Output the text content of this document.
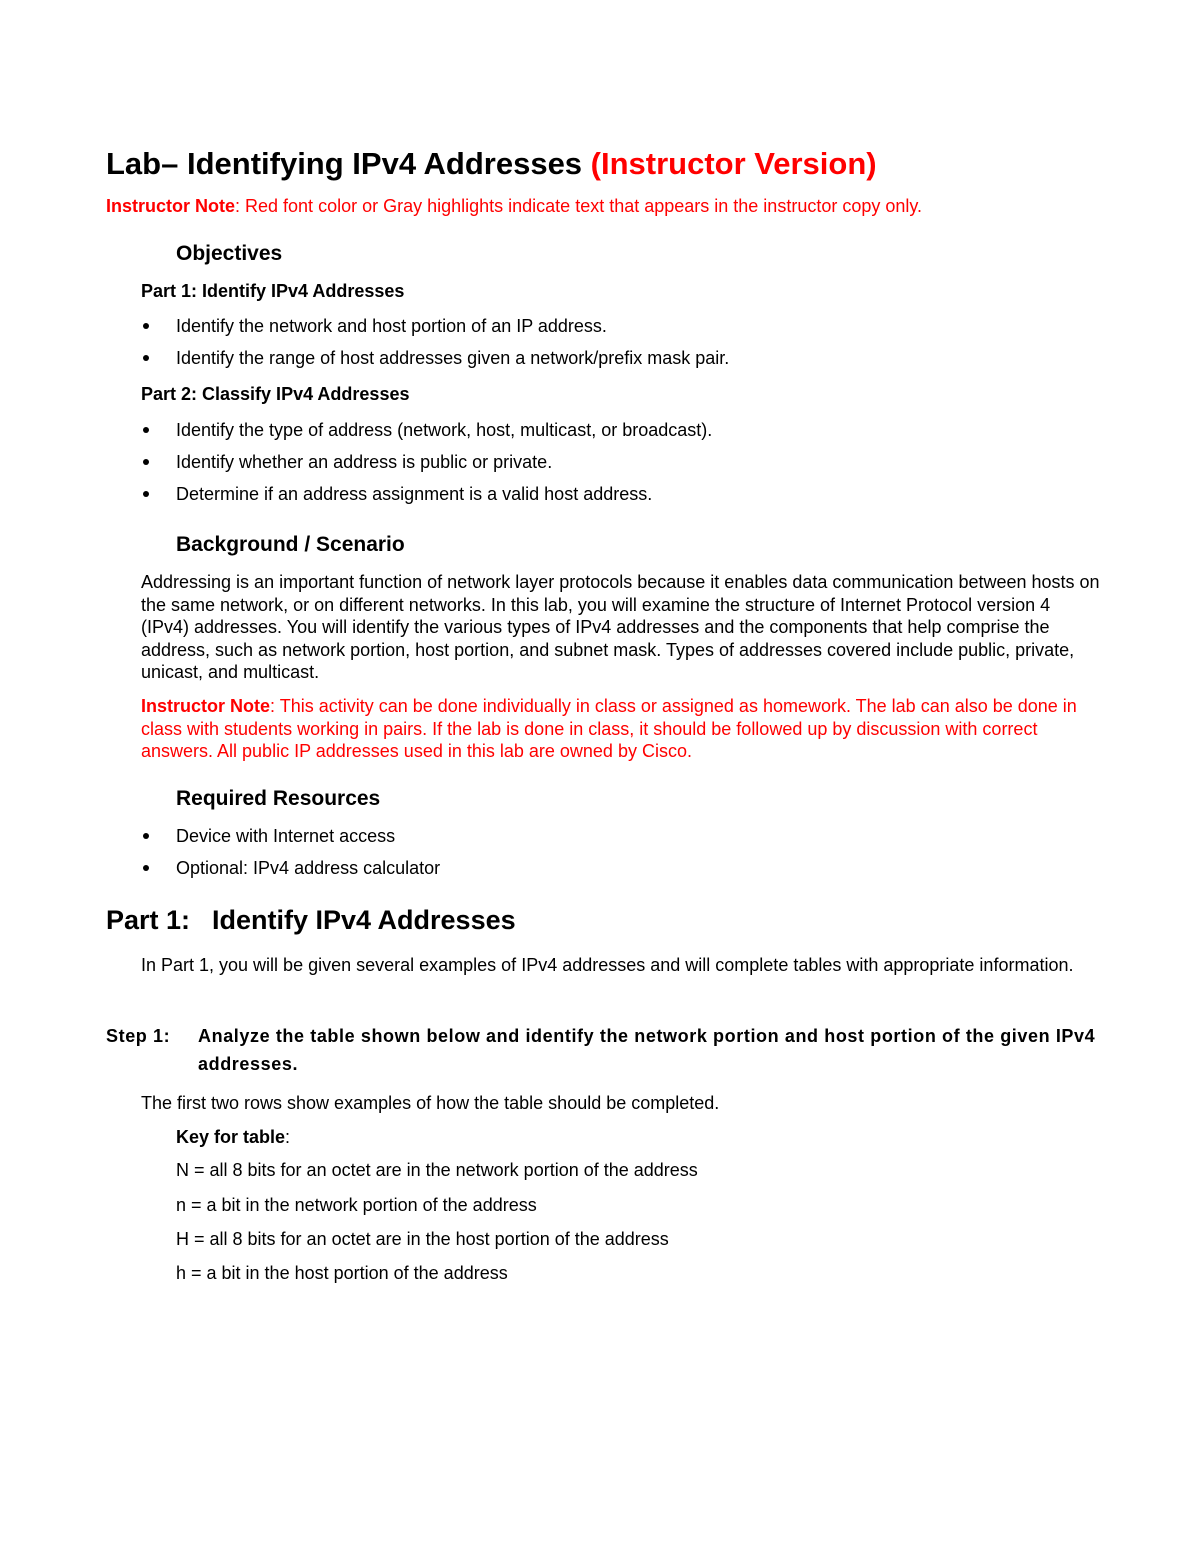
Lab– Identifying IPv4 Addresses (Instructor Version)
Instructor Note: Red font color or Gray highlights indicate text that appears in the instructor copy only.
Objectives
Part 1: Identify IPv4 Addresses
Identify the network and host portion of an IP address.
Identify the range of host addresses given a network/prefix mask pair.
Part 2: Classify IPv4 Addresses
Identify the type of address (network, host, multicast, or broadcast).
Identify whether an address is public or private.
Determine if an address assignment is a valid host address.
Background / Scenario

Addressing is an important function of network layer protocols because it enables data communication between hosts on the same network, or on different networks. In this lab, you will examine the structure of Internet Protocol version 4 (IPv4) addresses. You will identify the various types of IPv4 addresses and the components that help comprise the address, such as network portion, host portion, and subnet mask. Types of addresses covered include public, private, unicast, and multicast.

Instructor Note: This activity can be done individually in class or assigned as homework. The lab can also be done in class with students working in pairs. If the lab is done in class, it should be followed up by discussion with correct answers. All public IP addresses used in this lab are owned by Cisco.

Required Resources
Device with Internet access
Optional: IPv4 address calculator
Part 1: Identify IPv4 Addresses

In Part 1, you will be given several examples of IPv4 addresses and will complete tables with appropriate information.

Step 1: Analyze the table shown below and identify the network portion and host portion of the given IPv4 addresses.
The first two rows show examples of how the table should be completed.
Key for table:
N = all 8 bits for an octet are in the network portion of the address
n = a bit in the network portion of the address
H = all 8 bits for an octet are in the host portion of the address
h = a bit in the host portion of the address
